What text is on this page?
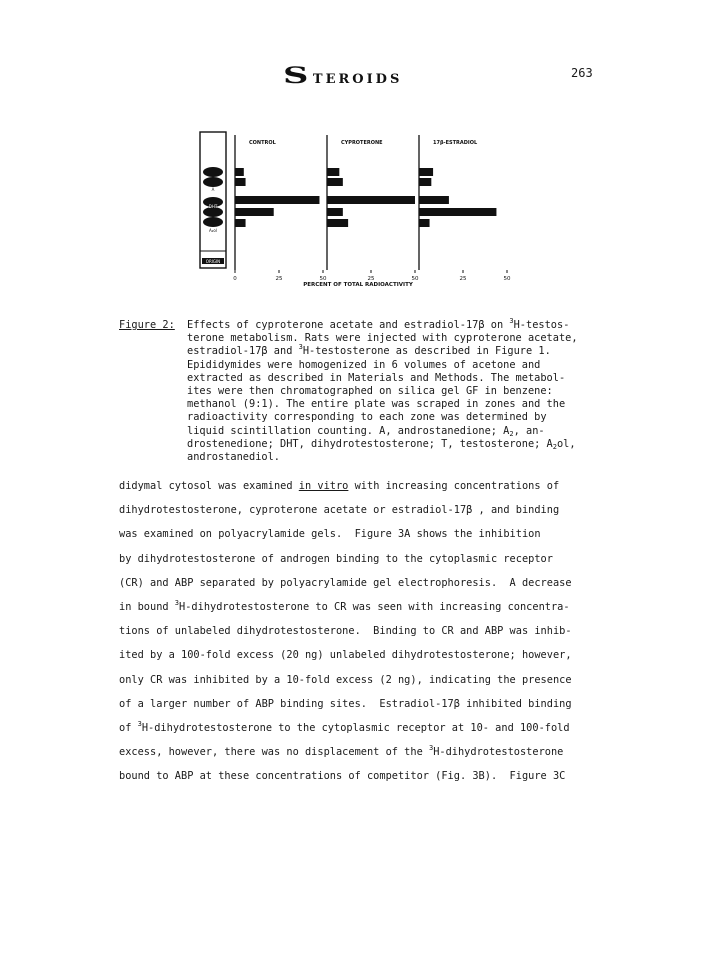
STEROIDS	263
A
DHT
A₂ol
ORIGIN
CONTROL
0	25	50
CYPROTERONE
25	50
17β-ESTRADIOL
25	50
PERCENT OF TOTAL RADIOACTIVITY
Figure 2: Effects of cyproterone acetate and estradiol-17β on $^3$H-testos-
terone metabolism. Rats were injected with cyproterone acetate,
estradiol-17β and $^3$H-testosterone as described in Figure 1.
Epididymides were homogenized in 6 volumes of acetone and
extracted as described in Materials and Methods. The metabol-
ites were then chromatographed on silica gel GF in benzene:
methanol (9:1). The entire plate was scraped in zones and the
radioactivity corresponding to each zone was determined by
liquid scintillation counting. A, androstanedione; $A_2$, an-
drostenedione; DHT, dihydrotestosterone; T, testosterone; $A_2ol$,
androstanediol.
didymal cytosol was examined in vitro with increasing concentrations of
dihydrotestosterone, cyproterone acetate or estradiol-17β , and binding
was examined on polyacrylamide gels.  Figure 3A shows the inhibition
by dihydrotestosterone of androgen binding to the cytoplasmic receptor
(CR) and ABP separated by polyacrylamide gel electrophoresis.  A decrease
in bound $^3$H-dihydrotestosterone to CR was seen with increasing concentra-
tions of unlabeled dihydrotestosterone.  Binding to CR and ABP was inhib-
ited by a 100-fold excess (20 ng) unlabeled dihydrotestosterone; however,
only CR was inhibited by a 10-fold excess (2 ng), indicating the presence
of a larger number of ABP binding sites.  Estradiol-17β inhibited binding
of $^3$H-dihydrotestosterone to the cytoplasmic receptor at 10- and 100-fold
excess, however, there was no displacement of the $^3$H-dihydrotestosterone
bound to ABP at these concentrations of competitor (Fig. 3B).  Figure 3C
